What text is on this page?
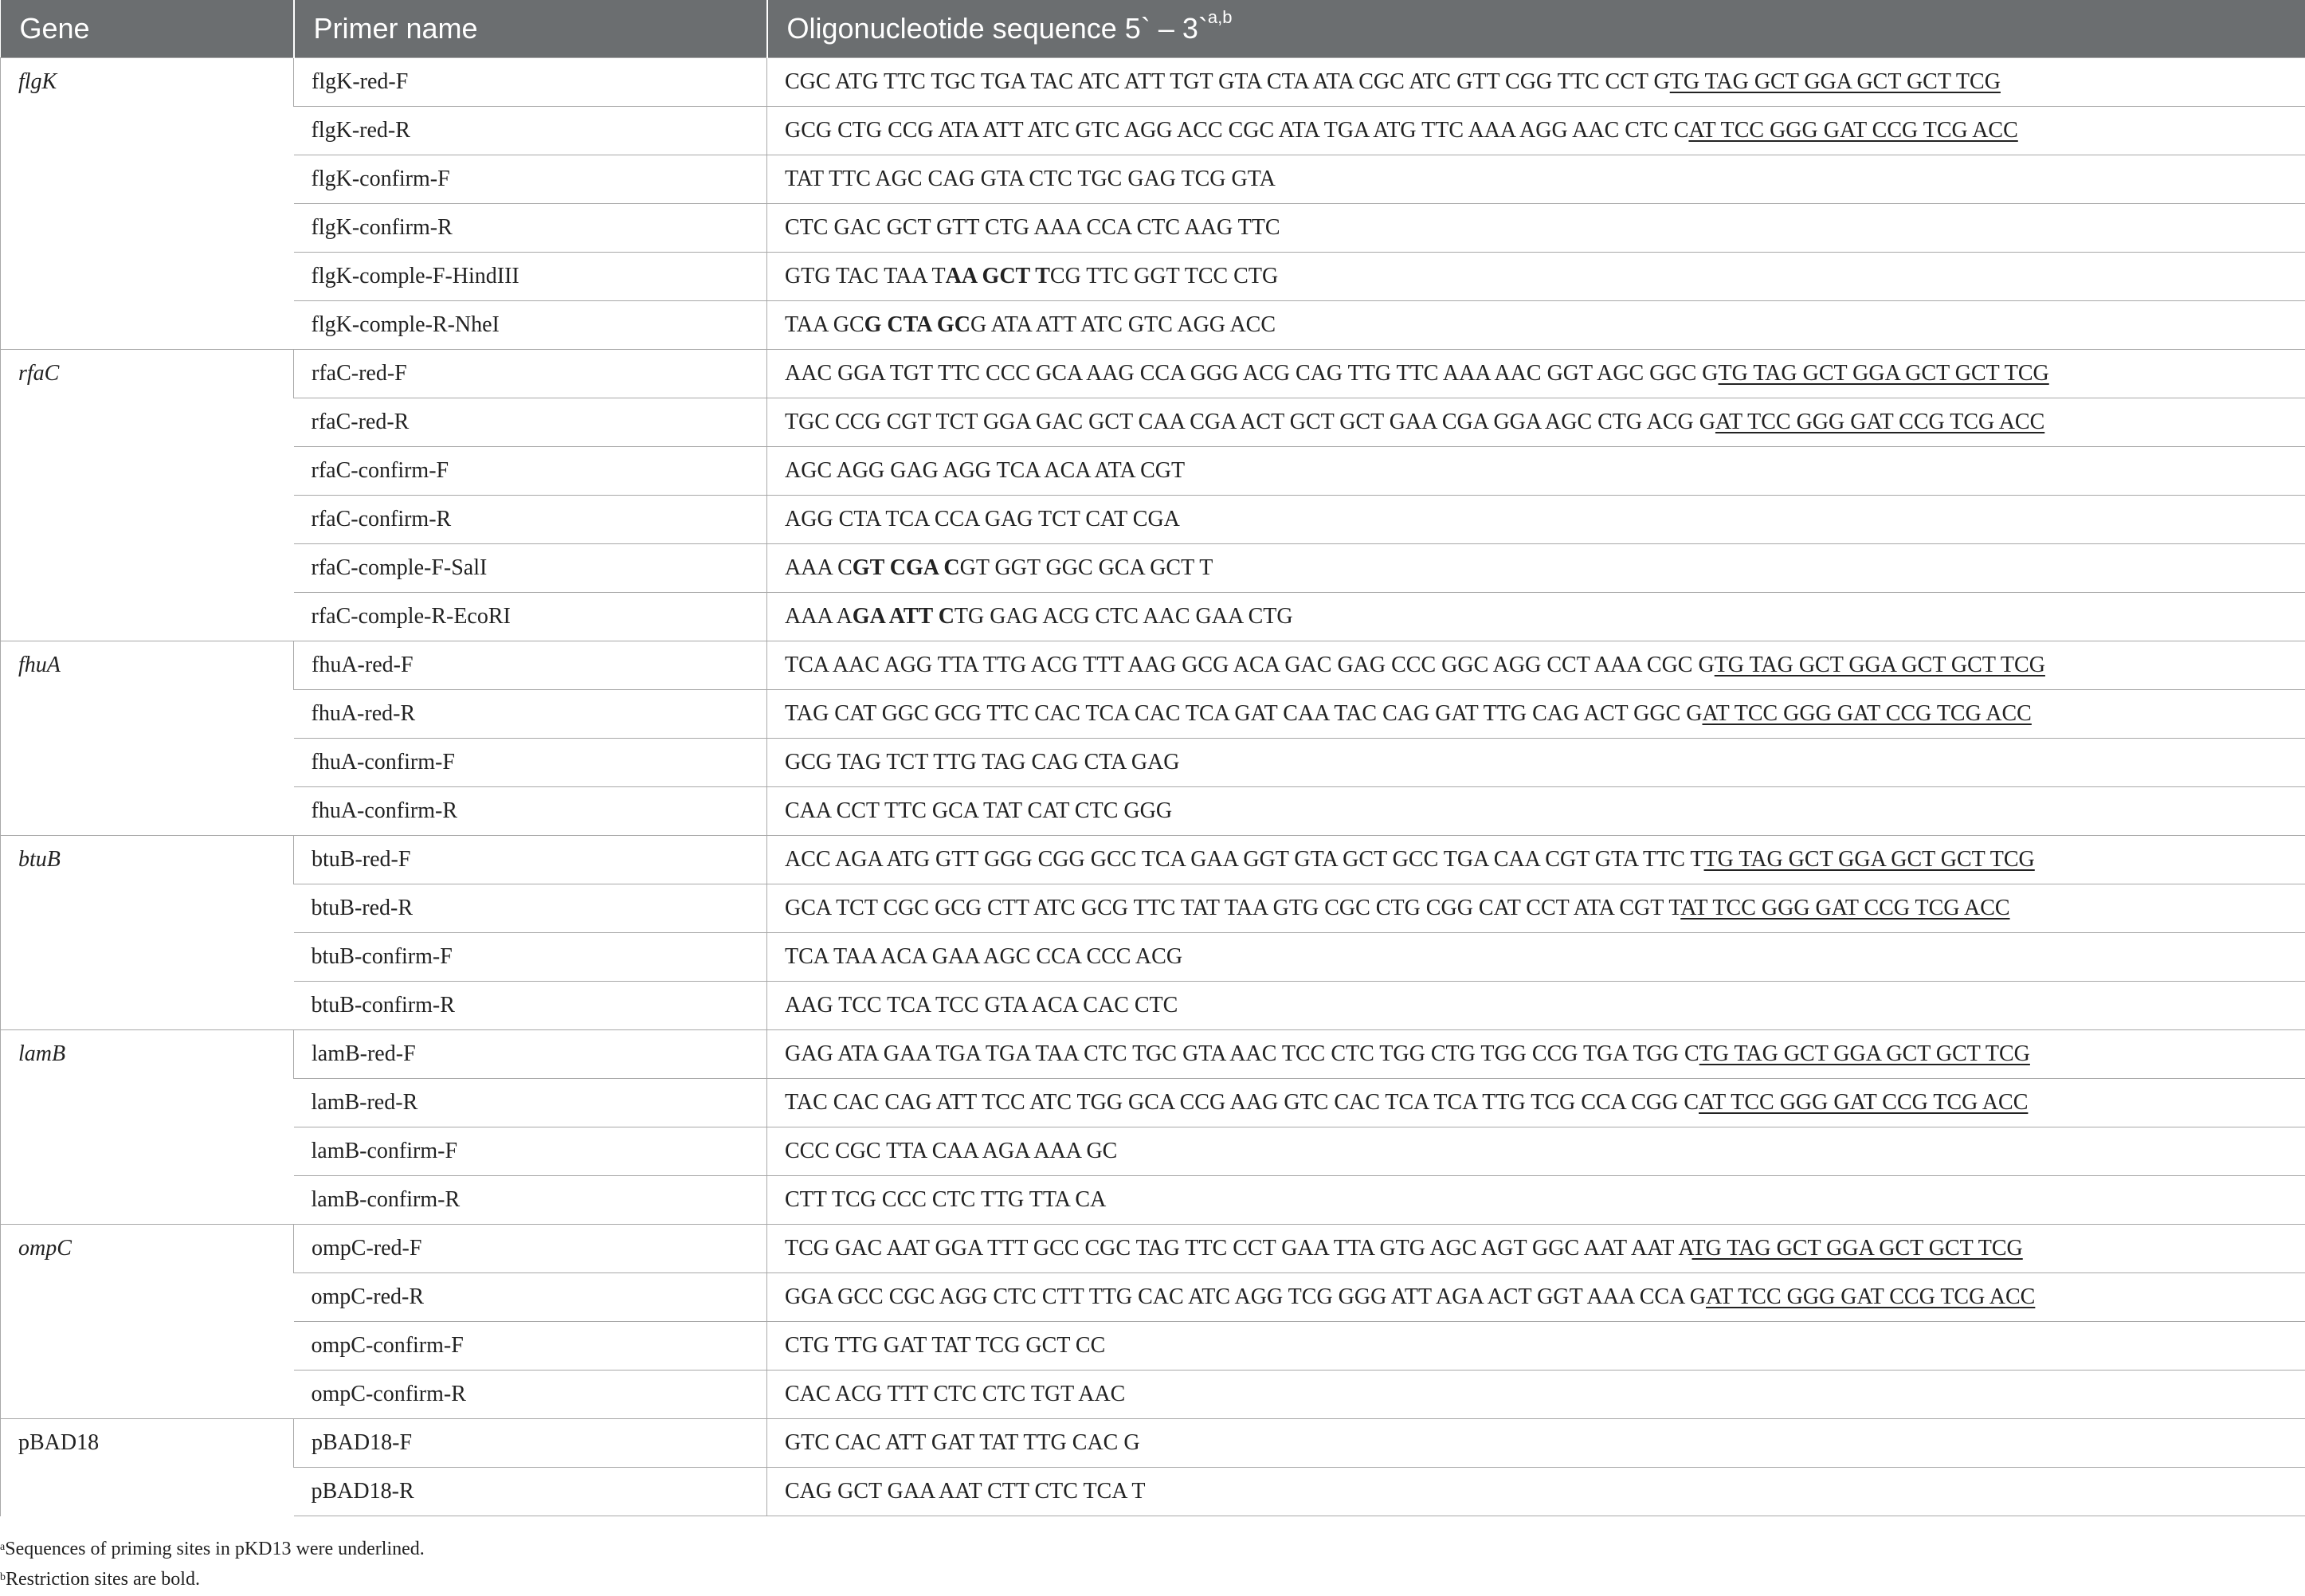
Gene	Primer name	Oligonucleotide sequence 5` – 3`$^{a,b}$
flgK	flgK-red-F	CGC ATG TTC TGC TGA TAC ATC ATT TGT GTA CTA ATA CGC ATC GTT CGG TTC CCT GTG TAG GCT GGA GCT GCT TCG
	flgK-red-R	GCG CTG CCG ATA ATT ATC GTC AGG ACC CGC ATA TGA ATG TTC AAA AGG AAC CTC CAT TCC GGG GAT CCG TCG ACC
	flgK-confirm-F	TAT TTC AGC CAG GTA CTC TGC GAG TCG GTA
	flgK-confirm-R	CTC GAC GCT GTT CTG AAA CCA CTC AAG TTC
	flgK-comple-F-HindIII	GTG TAC TAA TAA GCT TCG TTC GGT TCC CTG
	flgK-comple-R-NheI	TAA GCG CTA GCG ATA ATT ATC GTC AGG ACC
rfaC	rfaC-red-F	AAC GGA TGT TTC CCC GCA AAG CCA GGG ACG CAG TTG TTC AAA AAC GGT AGC GGC GTG TAG GCT GGA GCT GCT TCG
	rfaC-red-R	TGC CCG CGT TCT GGA GAC GCT CAA CGA ACT GCT GCT GAA CGA GGA AGC CTG ACG GAT TCC GGG GAT CCG TCG ACC
	rfaC-confirm-F	AGC AGG GAG AGG TCA ACA ATA CGT
	rfaC-confirm-R	AGG CTA TCA CCA GAG TCT CAT CGA
	rfaC-comple-F-SalI	AAA CGT CGA CGT GGT GGC GCA GCT T
	rfaC-comple-R-EcoRI	AAA AGA ATT CTG GAG ACG CTC AAC GAA CTG
fhuA	fhuA-red-F	TCA AAC AGG TTA TTG ACG TTT AAG GCG ACA GAC GAG CCC GGC AGG CCT AAA CGC GTG TAG GCT GGA GCT GCT TCG
	fhuA-red-R	TAG CAT GGC GCG TTC CAC TCA CAC TCA GAT CAA TAC CAG GAT TTG CAG ACT GGC GAT TCC GGG GAT CCG TCG ACC
	fhuA-confirm-F	GCG TAG TCT TTG TAG CAG CTA GAG
	fhuA-confirm-R	CAA CCT TTC GCA TAT CAT CTC GGG
btuB	btuB-red-F	ACC AGA ATG GTT GGG CGG GCC TCA GAA GGT GTA GCT GCC TGA CAA CGT GTA TTC TTG TAG GCT GGA GCT GCT TCG
	btuB-red-R	GCA TCT CGC GCG CTT ATC GCG TTC TAT TAA GTG CGC CTG CGG CAT CCT ATA CGT TAT TCC GGG GAT CCG TCG ACC
	btuB-confirm-F	TCA TAA ACA GAA AGC CCA CCC ACG
	btuB-confirm-R	AAG TCC TCA TCC GTA ACA CAC CTC
lamB	lamB-red-F	GAG ATA GAA TGA TGA TAA CTC TGC GTA AAC TCC CTC TGG CTG TGG CCG TGA TGG CTG TAG GCT GGA GCT GCT TCG
	lamB-red-R	TAC CAC CAG ATT TCC ATC TGG GCA CCG AAG GTC CAC TCA TCA TTG TCG CCA CGG CAT TCC GGG GAT CCG TCG ACC
	lamB-confirm-F	CCC CGC TTA CAA AGA AAA GC
	lamB-confirm-R	CTT TCG CCC CTC TTG TTA CA
ompC	ompC-red-F	TCG GAC AAT GGA TTT GCC CGC TAG TTC CCT GAA TTA GTG AGC AGT GGC AAT AAT ATG TAG GCT GGA GCT GCT TCG
	ompC-red-R	GGA GCC CGC AGG CTC CTT TTG CAC ATC AGG TCG GGG ATT AGA ACT GGT AAA CCA GAT TCC GGG GAT CCG TCG ACC
	ompC-confirm-F	CTG TTG GAT TAT TCG GCT CC
	ompC-confirm-R	CAC ACG TTT CTC CTC TGT AAC
pBAD18	pBAD18-F	GTC CAC ATT GAT TAT TTG CAC G
	pBAD18-R	CAG GCT GAA AAT CTT CTC TCA T
$^a$Sequences of priming sites in pKD13 were underlined.
$^b$Restriction sites are bold.
